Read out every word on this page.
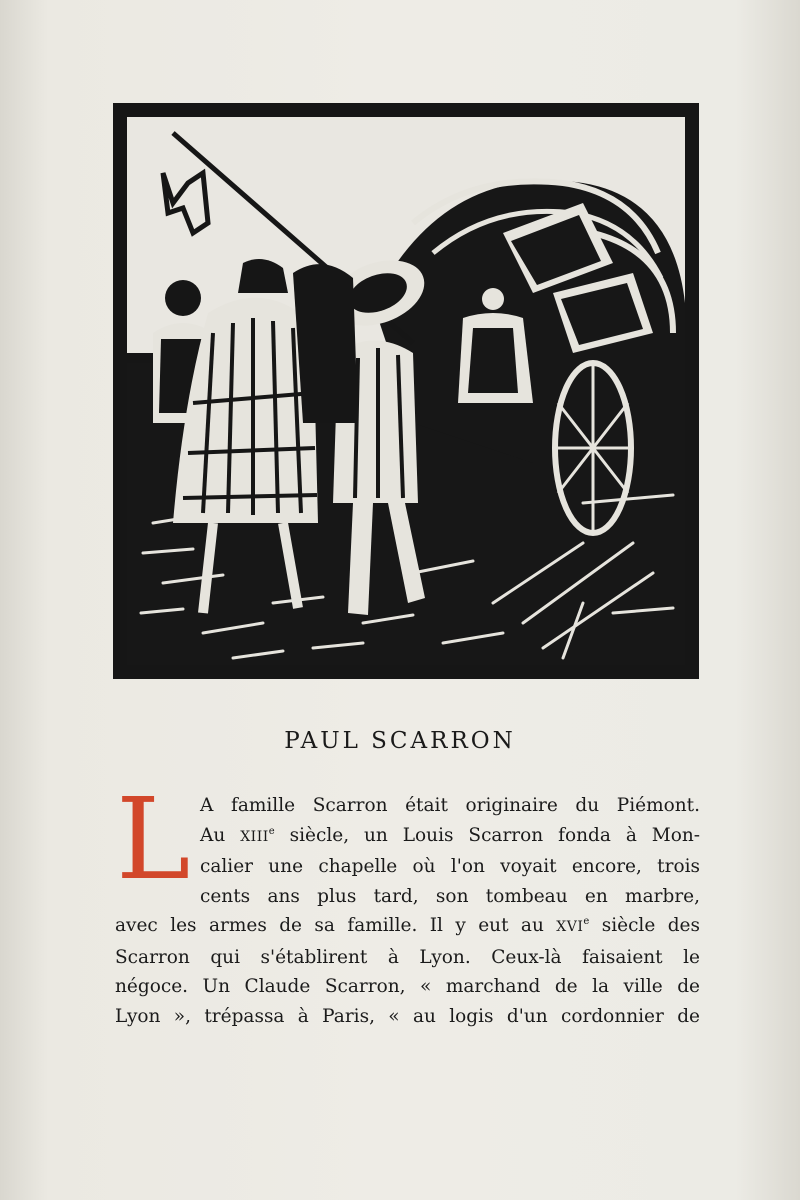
PAUL SCARRON
L A famille Scarron était originaire du Piémont.
Au XIIIe siècle, un Louis Scarron fonda à Mon-
calier une chapelle où l'on voyait encore, trois
cents ans plus tard, son tombeau en marbre,
avec les armes de sa famille. Il y eut au XVIe siècle des
Scarron qui s'établirent à Lyon. Ceux-là faisaient le
négoce. Un Claude Scarron, « marchand de la ville de
Lyon », trépassa à Paris, « au logis d'un cordonnier de
